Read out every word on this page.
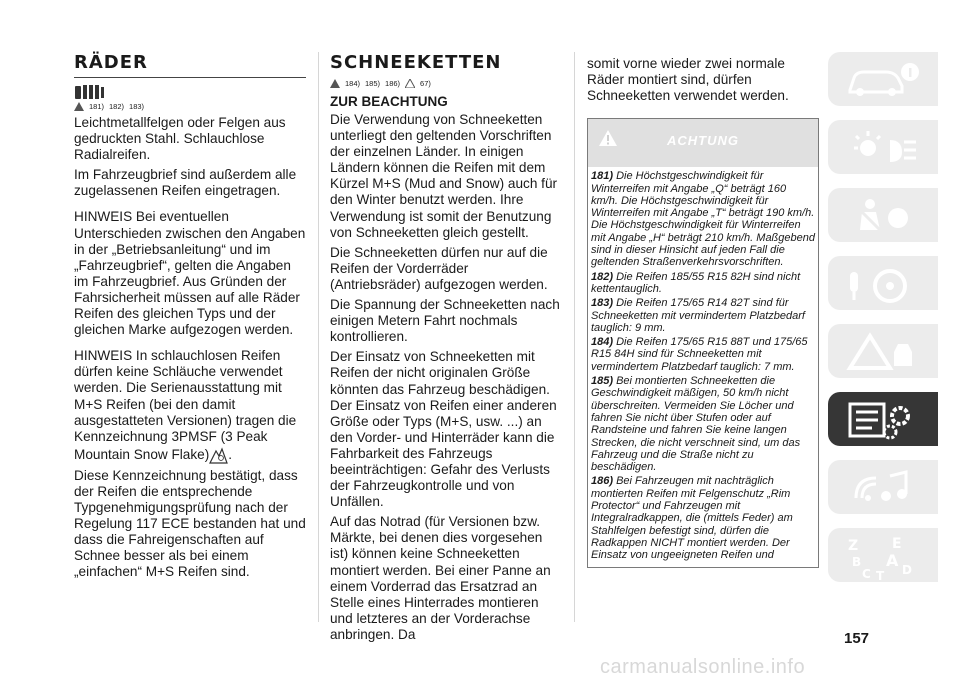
RÄDER
181) 182) 183)

Leichtmetallfelgen oder Felgen aus gedruckten Stahl. Schlauchlose Radialreifen.

Im Fahrzeugbrief sind außerdem alle zugelassenen Reifen eingetragen.

HINWEIS Bei eventuellen Unterschieden zwischen den Angaben in der „Betriebsanleitung“ und im „Fahrzeugbrief“, gelten die Angaben im Fahrzeugbrief. Aus Gründen der Fahrsicherheit müssen auf alle Räder Reifen des gleichen Typs und der gleichen Marke aufgezogen werden.

HINWEIS In schlauchlosen Reifen dürfen keine Schläuche verwendet werden. Die Serienausstattung mit M+S Reifen (bei den damit ausgestatteten Versionen) tragen die Kennzeichnung 3PMSF (3 Peak Mountain Snow Flake) .

Diese Kennzeichnung bestätigt, dass der Reifen die entsprechende Typgenehmigungsprüfung nach der Regelung 117 ECE bestanden hat und dass die Fahreigenschaften auf Schnee besser als bei einem „einfachen“ M+S Reifen sind.

SCHNEEKETTEN
184) 185) 186)	67)
ZUR BEACHTUNG

Die Verwendung von Schneeketten unterliegt den geltenden Vorschriften der einzelnen Länder. In einigen Ländern können die Reifen mit dem Kürzel M+S (Mud and Snow) auch für den Winter benutzt werden. Ihre Verwendung ist somit der Benutzung von Schneeketten gleich gestellt.

Die Schneeketten dürfen nur auf die Reifen der Vorderräder (Antriebsräder) aufgezogen werden.

Die Spannung der Schneeketten nach einigen Metern Fahrt nochmals kontrollieren.

Der Einsatz von Schneeketten mit Reifen der nicht originalen Größe könnten das Fahrzeug beschädigen. Der Einsatz von Reifen einer anderen Größe oder Typs (M+S, usw. ...) an den Vorder- und Hinterräder kann die Fahrbarkeit des Fahrzeugs beeinträchtigen: Gefahr des Verlusts der Fahrzeugkontrolle und von Unfällen.

Auf das Notrad (für Versionen bzw. Märkte, bei denen dies vorgesehen ist) können keine Schneeketten montiert werden. Bei einer Panne an einem Vorderrad das Ersatzrad an Stelle eines Hinterrades montieren und letzteres an der Vorderachse anbringen. Da

somit vorne wieder zwei normale Räder montiert sind, dürfen Schneeketten verwendet werden.

ACHTUNG

181) Die Höchstgeschwindigkeit für Winterreifen mit Angabe „Q“ beträgt 160 km/h. Die Höchstgeschwindigkeit für Winterreifen mit Angabe „T“ beträgt 190 km/h. Die Höchstgeschwindigkeit für Winterreifen mit Angabe „H“ beträgt 210 km/h. Maßgebend sind in dieser Hinsicht auf jeden Fall die geltenden Straßenverkehrsvorschriften.

182) Die Reifen 185/55 R15 82H sind nicht kettentauglich.

183) Die Reifen 175/65 R14 82T sind für Schneeketten mit vermindertem Platzbedarf tauglich: 9 mm.

184) Die Reifen 175/65 R15 88T und 175/65 R15 84H sind für Schneeketten mit vermindertem Platzbedarf tauglich: 7 mm.

185) Bei montierten Schneeketten die Geschwindigkeit mäßigen, 50 km/h nicht überschreiten. Vermeiden Sie Löcher und fahren Sie nicht über Stufen oder auf Randsteine und fahren Sie keine langen Strecken, die nicht verschneit sind, um das Fahrzeug und die Straße nicht zu beschädigen.

186) Bei Fahrzeugen mit nachträglich montierten Reifen mit Felgenschutz „Rim Protector“ und Fahrzeugen mit Integralradkappen, die (mittels Feder) am Stahlfelgen befestigt sind, dürfen die Radkappen NICHT montiert werden. Der Einsatz von ungeeigneten Reifen und

Z E
B A
C T D
157
carmanualsonline.info
